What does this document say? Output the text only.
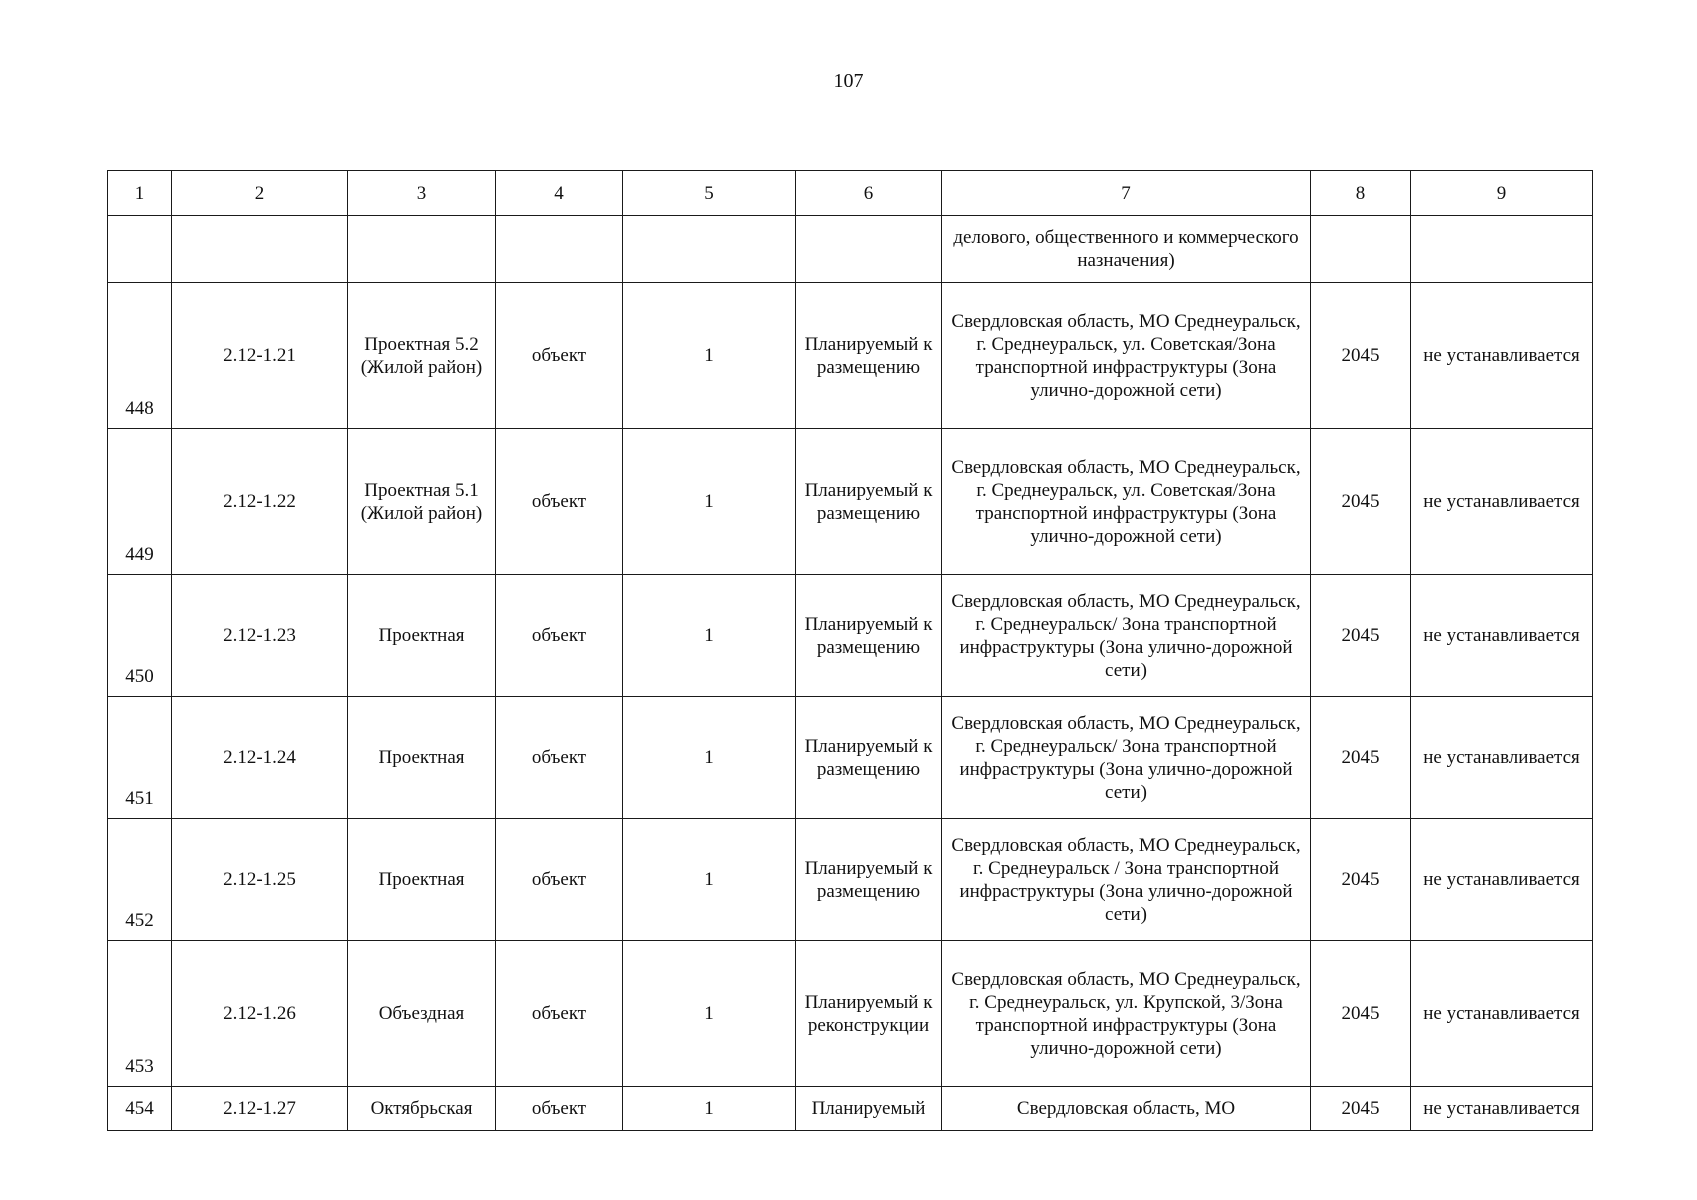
107
1	2	3	4	5	6	7	8	9
						делового, общественного и коммерческого назначения)		
448	2.12-1.21	Проектная 5.2 (Жилой район)	объект	1	Планируемый к размещению	Свердловская область, МО Среднеуральск, г. Среднеуральск, ул. Советская/Зона транспортной инфраструктуры (Зона улично-дорожной сети)	2045	не устанавливается
449	2.12-1.22	Проектная 5.1 (Жилой район)	объект	1	Планируемый к размещению	Свердловская область, МО Среднеуральск, г. Среднеуральск, ул. Советская/Зона транспортной инфраструктуры (Зона улично-дорожной сети)	2045	не устанавливается
450	2.12-1.23	Проектная	объект	1	Планируемый к размещению	Свердловская область, МО Среднеуральск, г. Среднеуральск/ Зона транспортной инфраструктуры (Зона улично-дорожной сети)	2045	не устанавливается
451	2.12-1.24	Проектная	объект	1	Планируемый к размещению	Свердловская область, МО Среднеуральск, г. Среднеуральск/ Зона транспортной инфраструктуры (Зона улично-дорожной сети)	2045	не устанавливается
452	2.12-1.25	Проектная	объект	1	Планируемый к размещению	Свердловская область, МО Среднеуральск, г. Среднеуральск / Зона транспортной инфраструктуры (Зона улично-дорожной сети)	2045	не устанавливается
453	2.12-1.26	Объездная	объект	1	Планируемый к реконструкции	Свердловская область, МО Среднеуральск, г. Среднеуральск, ул. Крупской, 3/Зона транспортной инфраструктуры (Зона улично-дорожной сети)	2045	не устанавливается
454	2.12-1.27	Октябрьская	объект	1	Планируемый	Свердловская область, МО	2045	не устанавливается
